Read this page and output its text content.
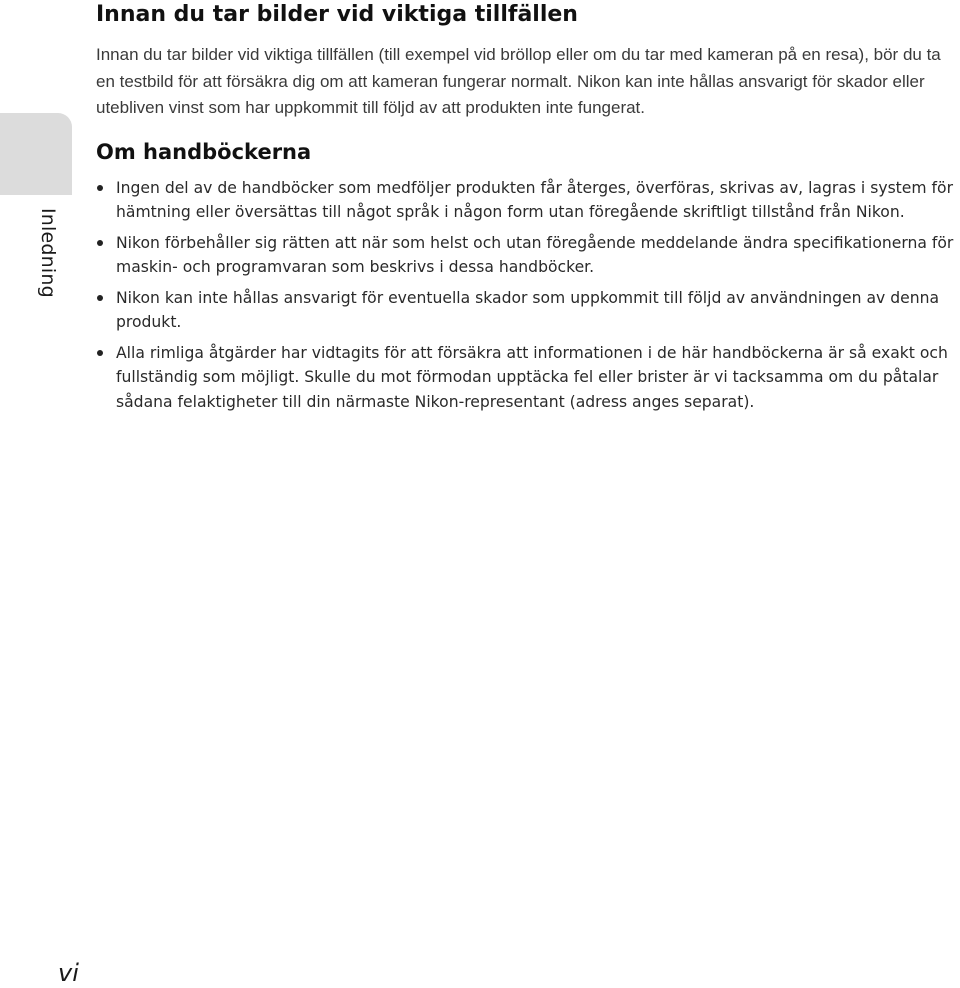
Inledning
Innan du tar bilder vid viktiga tillfällen

Innan du tar bilder vid viktiga tillfällen (till exempel vid bröllop eller om du tar med kameran på en resa), bör du ta en testbild för att försäkra dig om att kameran fungerar normalt. Nikon kan inte hållas ansvarigt för skador eller utebliven vinst som har uppkommit till följd av att produkten inte fungerat.

Om handböckerna
Ingen del av de handböcker som medföljer produkten får återges, överföras, skrivas av, lagras i system för hämtning eller översättas till något språk i någon form utan föregående skriftligt tillstånd från Nikon.
Nikon förbehåller sig rätten att när som helst och utan föregående meddelande ändra specifikationerna för maskin- och programvaran som beskrivs i dessa handböcker.
Nikon kan inte hållas ansvarigt för eventuella skador som uppkommit till följd av användningen av denna produkt.
Alla rimliga åtgärder har vidtagits för att försäkra att informationen i de här handböckerna är så exakt och fullständig som möjligt. Skulle du mot förmodan upptäcka fel eller brister är vi tacksamma om du påtalar sådana felaktigheter till din närmaste Nikon-representant (adress anges separat).
vi
